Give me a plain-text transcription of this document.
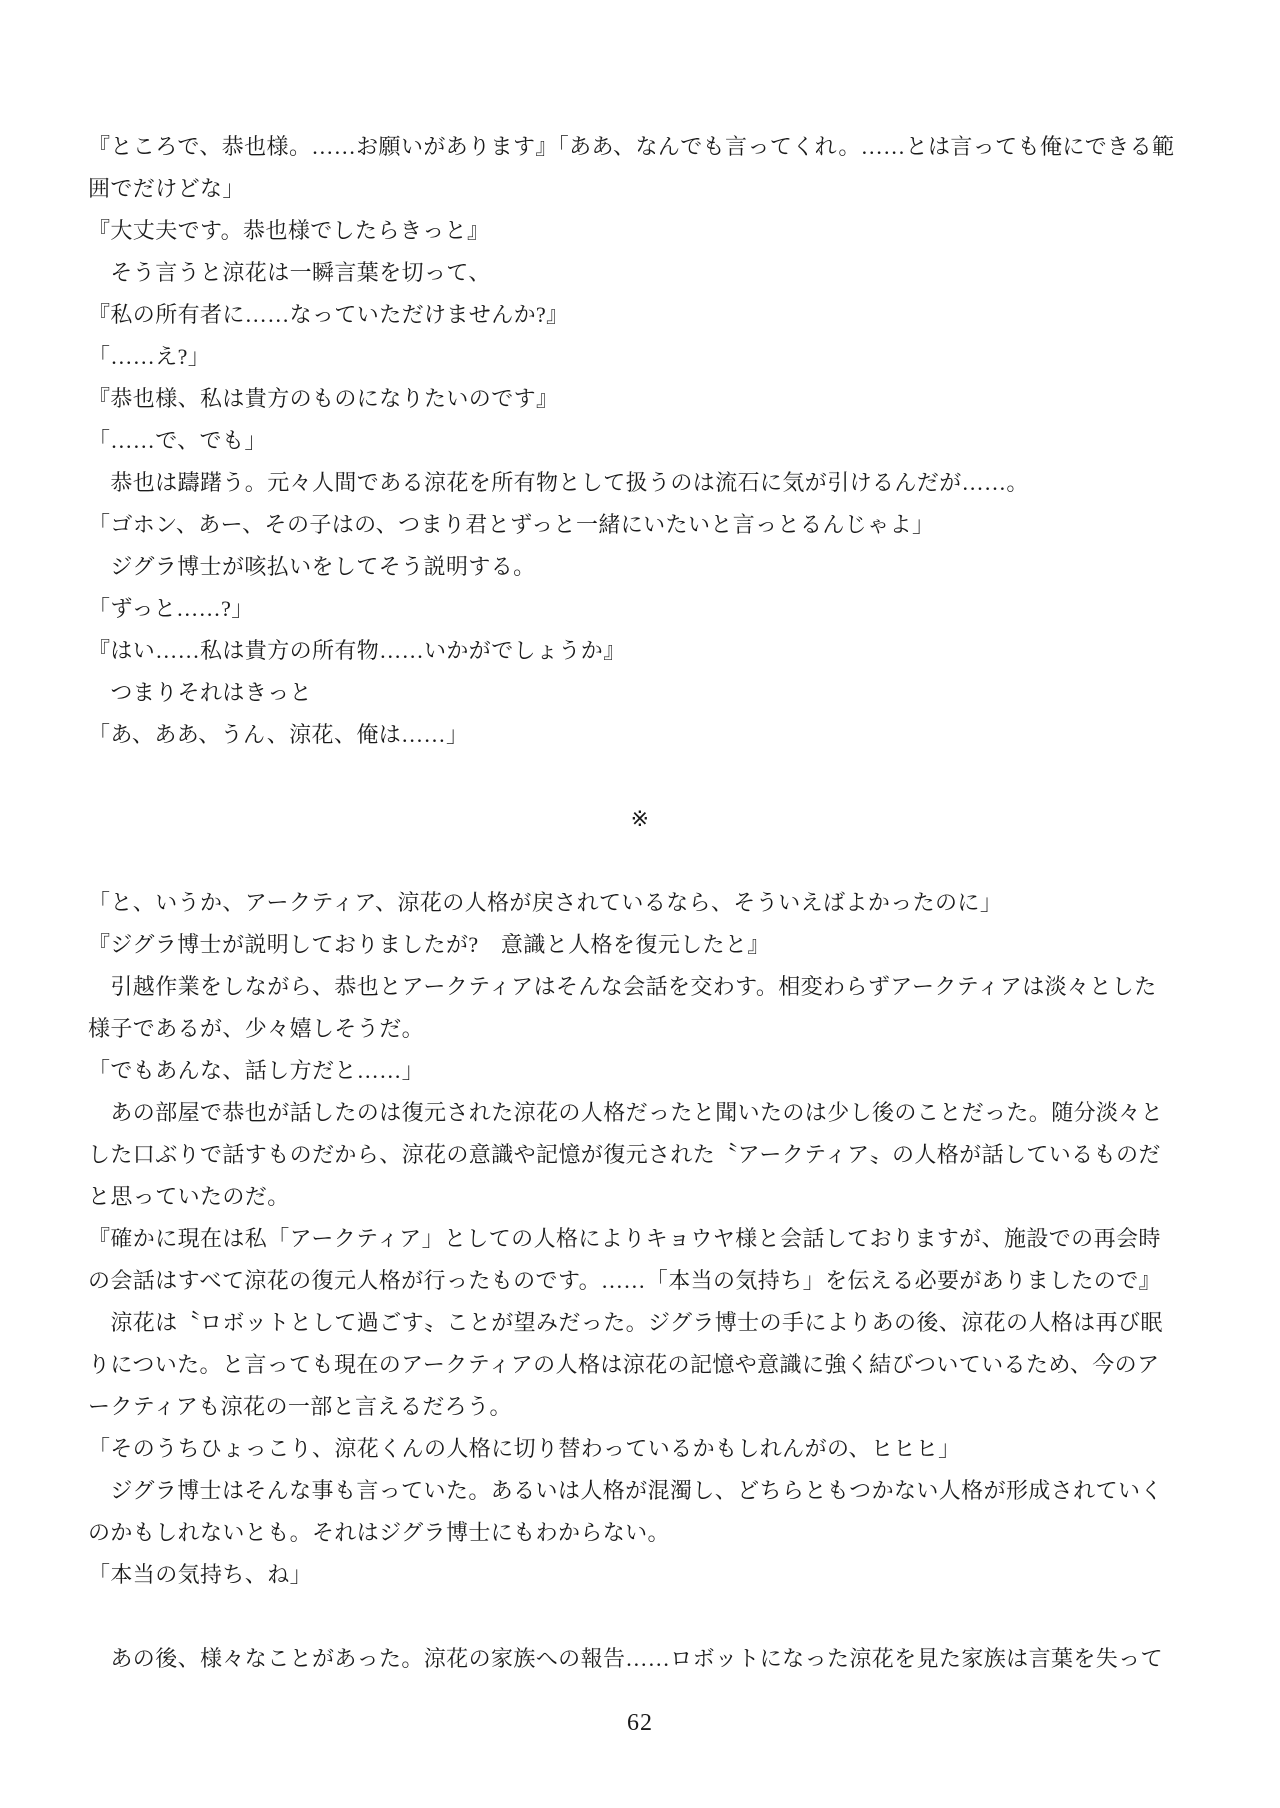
『ところで、恭也様。……お願いがあります』「ああ、なんでも言ってくれ。……とは言っても俺にできる範
囲でだけどな」
『大丈夫です。恭也様でしたらきっと』
　そう言うと涼花は一瞬言葉を切って、
『私の所有者に……なっていただけませんか?』
「……え?」
『恭也様、私は貴方のものになりたいのです』
「……で、でも」
　恭也は躊躇う。元々人間である涼花を所有物として扱うのは流石に気が引けるんだが……。
「ゴホン、あー、その子はの、つまり君とずっと一緒にいたいと言っとるんじゃよ」
　ジグラ博士が咳払いをしてそう説明する。
「ずっと……?」
『はい……私は貴方の所有物……いかがでしょうか』
　つまりそれはきっと
「あ、ああ、うん、涼花、俺は……」
※
「と、いうか、アークティア、涼花の人格が戻されているなら、そういえばよかったのに」
『ジグラ博士が説明しておりましたが?　意識と人格を復元したと』
　引越作業をしながら、恭也とアークティアはそんな会話を交わす。相変わらずアークティアは淡々とした
様子であるが、少々嬉しそうだ。
「でもあんな、話し方だと……」
　あの部屋で恭也が話したのは復元された涼花の人格だったと聞いたのは少し後のことだった。随分淡々と
した口ぶりで話すものだから、涼花の意識や記憶が復元された〝アークティア〟の人格が話しているものだ
と思っていたのだ。
『確かに現在は私「アークティア」としての人格によりキョウヤ様と会話しておりますが、施設での再会時
の会話はすべて涼花の復元人格が行ったものです。……「本当の気持ち」を伝える必要がありましたので』
　涼花は〝ロボットとして過ごす〟ことが望みだった。ジグラ博士の手によりあの後、涼花の人格は再び眠
りについた。と言っても現在のアークティアの人格は涼花の記憶や意識に強く結びついているため、今のア
ークティアも涼花の一部と言えるだろう。
「そのうちひょっこり、涼花くんの人格に切り替わっているかもしれんがの、ヒヒヒ」
　ジグラ博士はそんな事も言っていた。あるいは人格が混濁し、どちらともつかない人格が形成されていく
のかもしれないとも。それはジグラ博士にもわからない。
「本当の気持ち、ね」
　あの後、様々なことがあった。涼花の家族への報告……ロボットになった涼花を見た家族は言葉を失って
62
